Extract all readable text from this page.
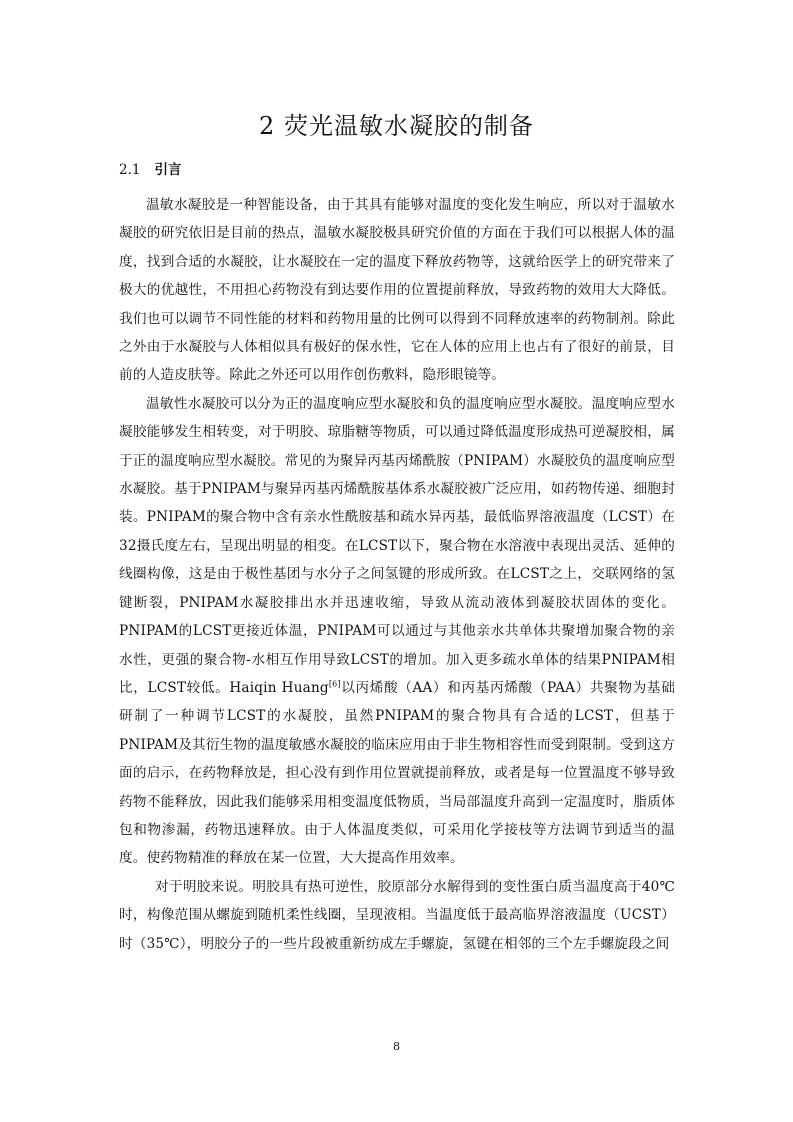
2 荧光温敏水凝胶的制备
2.1 引言

温敏水凝胶是一种智能设备，由于其具有能够对温度的变化发生响应，所以对于温敏水凝胶的研究依旧是目前的热点，温敏水凝胶极具研究价值的方面在于我们可以根据人体的温度，找到合适的水凝胶，让水凝胶在一定的温度下释放药物等，这就给医学上的研究带来了极大的优越性，不用担心药物没有到达要作用的位置提前释放，导致药物的效用大大降低。我们也可以调节不同性能的材料和药物用量的比例可以得到不同释放速率的药物制剂。除此之外由于水凝胶与人体相似具有极好的保水性，它在人体的应用上也占有了很好的前景，目前的人造皮肤等。除此之外还可以用作创伤敷料，隐形眼镜等。

温敏性水凝胶可以分为正的温度响应型水凝胶和负的温度响应型水凝胶。温度响应型水凝胶能够发生相转变，对于明胶、琼脂糖等物质，可以通过降低温度形成热可逆凝胶相，属于正的温度响应型水凝胶。常见的为聚异丙基丙烯酰胺（PNIPAM）水凝胶负的温度响应型水凝胶。基于PNIPAM与聚异丙基丙烯酰胺基体系水凝胶被广泛应用，如药物传递、细胞封装。PNIPAM的聚合物中含有亲水性酰胺基和疏水异丙基，最低临界溶液温度（LCST）在32摄氏度左右，呈现出明显的相变。在LCST以下，聚合物在水溶液中表现出灵活、延伸的线圈构像，这是由于极性基团与水分子之间氢键的形成所致。在LCST之上，交联网络的氢键断裂，PNIPAM水凝胶排出水并迅速收缩，导致从流动液体到凝胶状固体的变化。PNIPAM的LCST更接近体温，PNIPAM可以通过与其他亲水共单体共聚增加聚合物的亲水性，更强的聚合物-水相互作用导致LCST的增加。加入更多疏水单体的结果PNIPAM相比，LCST较低。Haiqin Huang[6]以丙烯酸（AA）和丙基丙烯酸（PAA）共聚物为基础研制了一种调节LCST的水凝胶，虽然PNIPAM的聚合物具有合适的LCST，但基于PNIPAM及其衍生物的温度敏感水凝胶的临床应用由于非生物相容性而受到限制。受到这方面的启示，在药物释放是，担心没有到作用位置就提前释放，或者是每一位置温度不够导致药物不能释放，因此我们能够采用相变温度低物质，当局部温度升高到一定温度时，脂质体包和物渗漏，药物迅速释放。由于人体温度类似，可采用化学接枝等方法调节到适当的温度。使药物精准的释放在某一位置，大大提高作用效率。

对于明胶来说。明胶具有热可逆性，胶原部分水解得到的变性蛋白质当温度高于40℃时，构像范围从螺旋到随机柔性线圈，呈现液相。当温度低于最高临界溶液温度（UCST）时（35℃），明胶分子的一些片段被重新纺成左手螺旋，氢键在相邻的三个左手螺旋段之间

8
